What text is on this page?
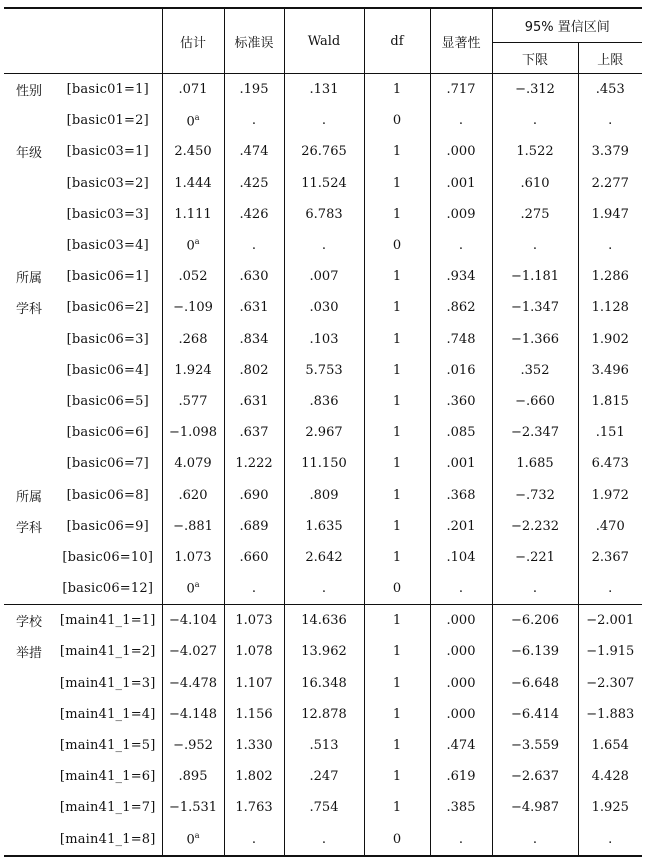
		估计	标准误	Wald	df	显著性	95% 置信区间	
							下限	上限
性别	[basic01=1]	.071	.195	.131	1	.717	−.312	.453
	[basic01=2]	0$^a$	.	.	0	.	.	.
年级	[basic03=1]	2.450	.474	26.765	1	.000	1.522	3.379
	[basic03=2]	1.444	.425	11.524	1	.001	.610	2.277
	[basic03=3]	1.111	.426	6.783	1	.009	.275	1.947
	[basic03=4]	0$^a$	.	.	0	.	.	.
所属	[basic06=1]	.052	.630	.007	1	.934	−1.181	1.286
学科	[basic06=2]	−.109	.631	.030	1	.862	−1.347	1.128
	[basic06=3]	.268	.834	.103	1	.748	−1.366	1.902
	[basic06=4]	1.924	.802	5.753	1	.016	.352	3.496
	[basic06=5]	.577	.631	.836	1	.360	−.660	1.815
	[basic06=6]	−1.098	.637	2.967	1	.085	−2.347	.151
	[basic06=7]	4.079	1.222	11.150	1	.001	1.685	6.473
所属	[basic06=8]	.620	.690	.809	1	.368	−.732	1.972
学科	[basic06=9]	−.881	.689	1.635	1	.201	−2.232	.470
	[basic06=10]	1.073	.660	2.642	1	.104	−.221	2.367
	[basic06=12]	0$^a$	.	.	0	.	.	.
学校	[main41_1=1]	−4.104	1.073	14.636	1	.000	−6.206	−2.001
举措	[main41_1=2]	−4.027	1.078	13.962	1	.000	−6.139	−1.915
	[main41_1=3]	−4.478	1.107	16.348	1	.000	−6.648	−2.307
	[main41_1=4]	−4.148	1.156	12.878	1	.000	−6.414	−1.883
	[main41_1=5]	−.952	1.330	.513	1	.474	−3.559	1.654
	[main41_1=6]	.895	1.802	.247	1	.619	−2.637	4.428
	[main41_1=7]	−1.531	1.763	.754	1	.385	−4.987	1.925
	[main41_1=8]	0$^a$	.	.	0	.	.	.
